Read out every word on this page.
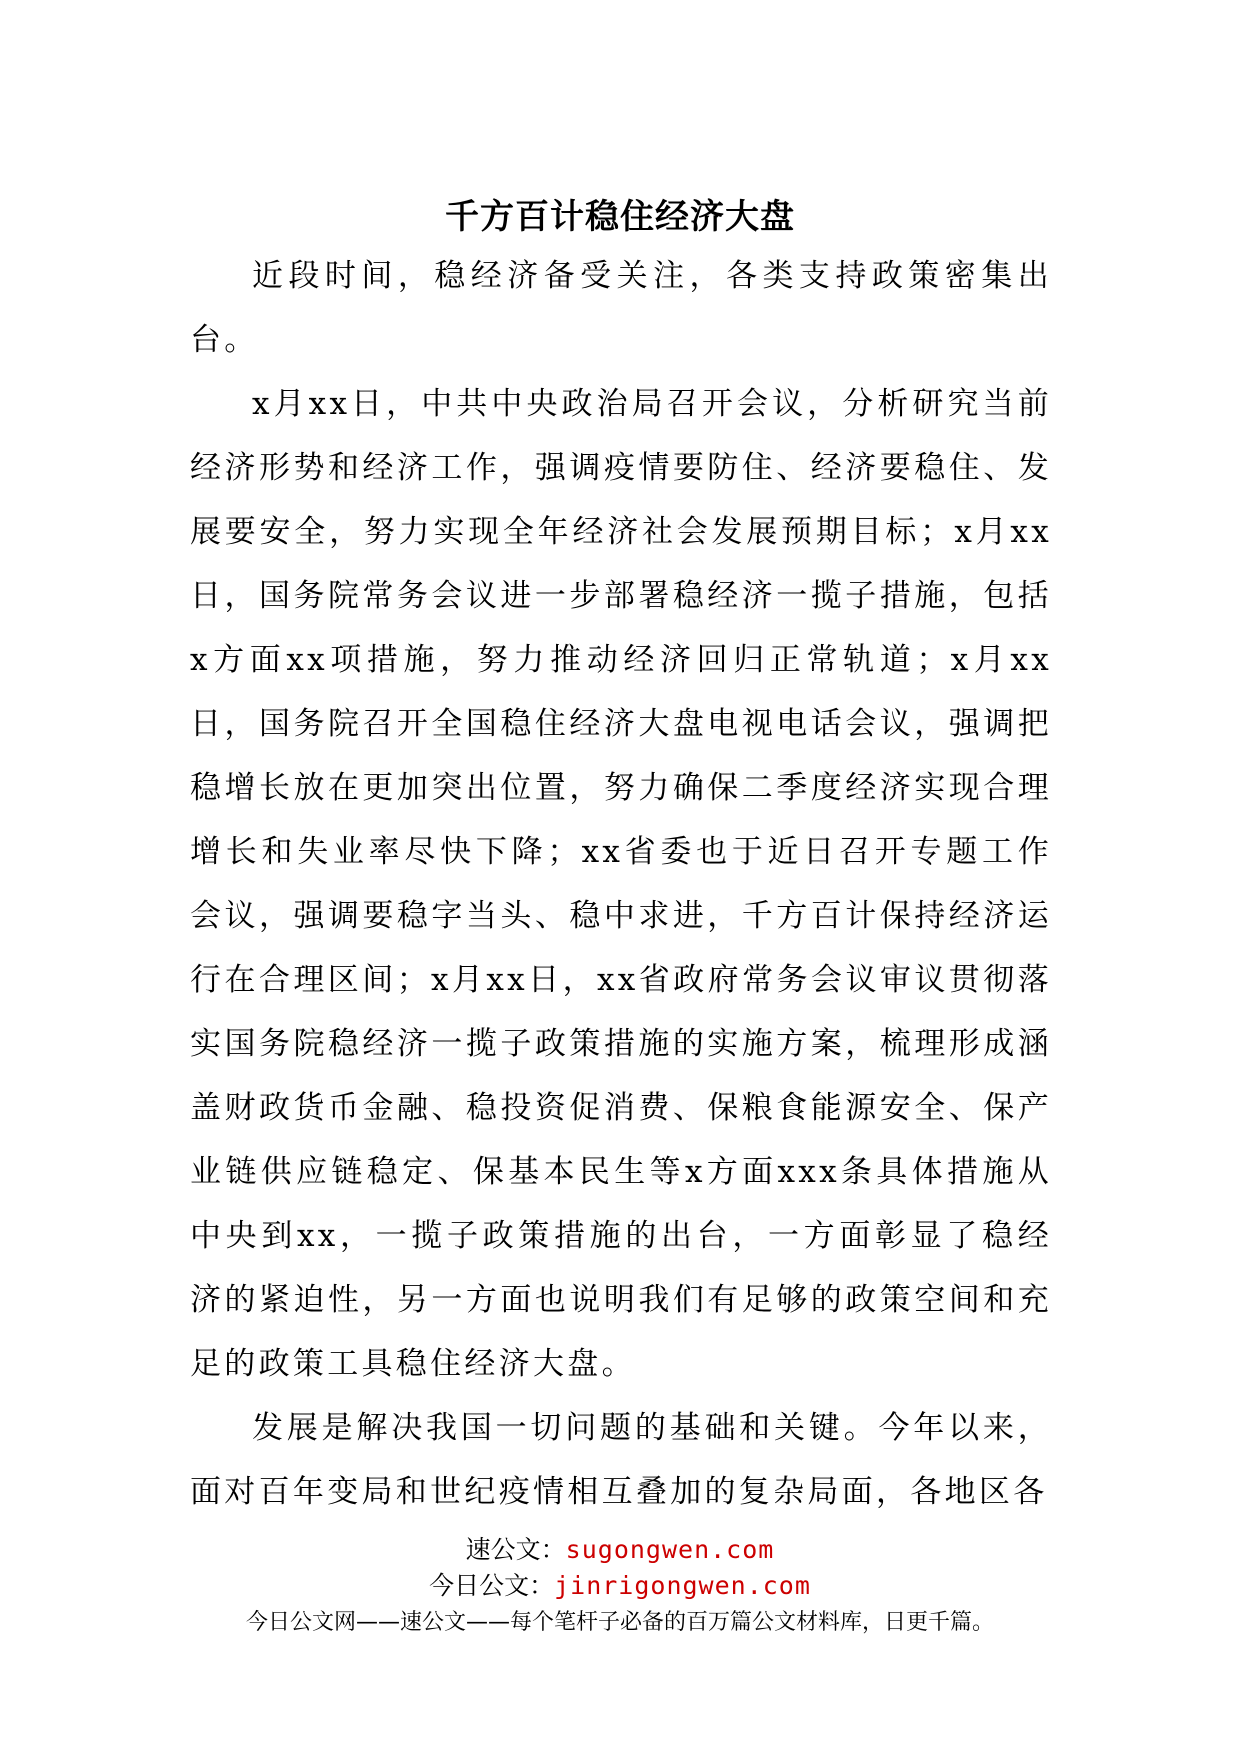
千方百计稳住经济大盘

近段时间，稳经济备受关注，各类支持政策密集出台。

x月xx日，中共中央政治局召开会议，分析研究当前经济形势和经济工作，强调疫情要防住、经济要稳住、发展要安全，努力实现全年经济社会发展预期目标；x月xx日，国务院常务会议进一步部署稳经济一揽子措施，包括x方面xx项措施，努力推动经济回归正常轨道；x月xx日，国务院召开全国稳住经济大盘电视电话会议，强调把稳增长放在更加突出位置，努力确保二季度经济实现合理增长和失业率尽快下降；xx省委也于近日召开专题工作会议，强调要稳字当头、稳中求进，千方百计保持经济运行在合理区间；x月xx日，xx省政府常务会议审议贯彻落实国务院稳经济一揽子政策措施的实施方案，梳理形成涵盖财政货币金融、稳投资促消费、保粮食能源安全、保产业链供应链稳定、保基本民生等x方面xxx条具体措施从中央到xx，一揽子政策措施的出台，一方面彰显了稳经济的紧迫性，另一方面也说明我们有足够的政策空间和充足的政策工具稳住经济大盘。

发展是解决我国一切问题的基础和关键。今年以来，面对百年变局和世纪疫情相互叠加的复杂局面，各地区各

速公文：sugongwen.com
今日公文：jinrigongwen.com
今日公文网——速公文——每个笔杆子必备的百万篇公文材料库，日更千篇。
